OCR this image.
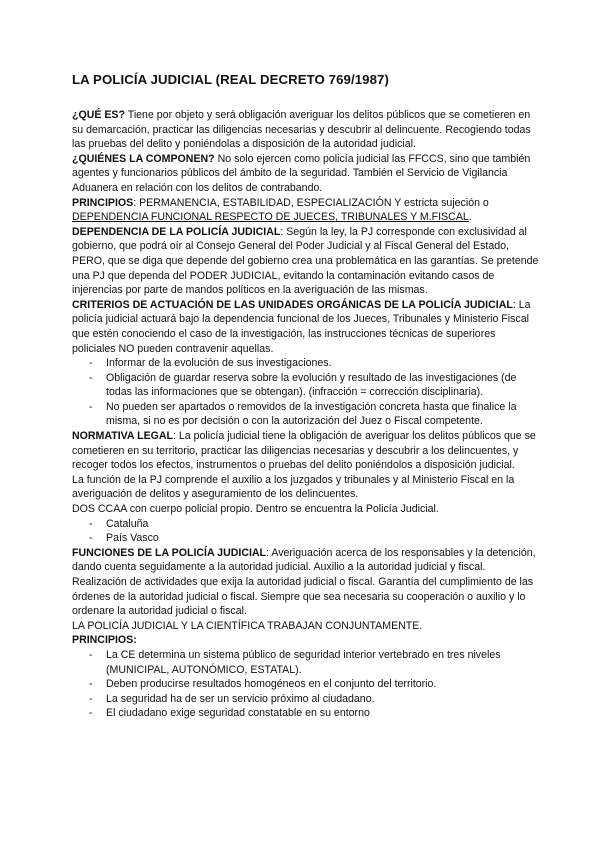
LA POLICÍA JUDICIAL (REAL DECRETO 769/1987)

¿QUÉ ES? Tiene por objeto y será obligación averiguar los delitos públicos que se cometieren en su demarcación, practicar las diligencias necesarias y descubrir al delincuente. Recogiendo todas las pruebas del delito y poniéndolas a disposición de la autoridad judicial.

¿QUIÉNES LA COMPONEN? No solo ejercen como policía judicial las FFCCS, sino que también agentes y funcionarios públicos del ámbito de la seguridad. También el Servicio de Vigilancia Aduanera en relación con los delitos de contrabando.

PRINCIPIOS: PERMANENCIA, ESTABILIDAD, ESPECIALIZACIÓN Y estricta sujeción o DEPENDENCIA FUNCIONAL RESPECTO DE JUECES, TRIBUNALES Y M.FISCAL.

DEPENDENCIA DE LA POLICÍA JUDICIAL: Según la ley, la PJ corresponde con exclusividad al gobierno, que podrá oír al Consejo General del Poder Judicial y al Fiscal General del Estado, PERO, que se diga que depende del gobierno crea una problemática en las garantías. Se pretende una PJ que dependa del PODER JUDICIAL, evitando la contaminación evitando casos de injerencias por parte de mandos políticos en la averiguación de las mismas.

CRITERIOS DE ACTUACIÓN DE LAS UNIDADES ORGÁNICAS DE LA POLICÍA JUDICIAL: La policía judicial actuará bajo la dependencia funcional de los Jueces, Tribunales y Ministerio Fiscal que estén conociendo el caso de la investigación, las instrucciones técnicas de superiores policiales NO pueden contravenir aquellas.

- Informar de la evolución de sus investigaciones.
- Obligación de guardar reserva sobre la evolución y resultado de las investigaciones (de todas las informaciones que se obtengan). (infracción = corrección disciplinaria).
- No pueden ser apartados o removidos de la investigación concreta hasta que finalice la misma, si no es por decisión o con la autorización del Juez o Fiscal competente.

NORMATIVA LEGAL: La policía judicial tiene la obligación de averiguar los delitos públicos que se cometieren en su territorio, practicar las diligencias necesarias y descubrir a los delincuentes, y recoger todos los efectos, instrumentos o pruebas del delito poniéndolos a disposición judicial.

La función de la PJ comprende el auxilio a los juzgados y tribunales y al Ministerio Fiscal en la averiguación de delitos y aseguramiento de los delincuentes.

DOS CCAA con cuerpo policial propio. Dentro se encuentra la Policía Judicial.

- Cataluña
- País Vasco

FUNCIONES DE LA POLICÍA JUDICIAL: Averiguación acerca de los responsables y la detención, dando cuenta seguidamente a la autoridad judicial. Auxilio a la autoridad judicial y fiscal. Realización de actividades que exija la autoridad judicial o fiscal. Garantía del cumplimiento de las órdenes de la autoridad judicial o fiscal. Siempre que sea necesaria su cooperación o auxilio y lo ordenare la autoridad judicial o fiscal.

LA POLICÍA JUDICIAL Y LA CIENTÍFICA TRABAJAN CONJUNTAMENTE.

PRINCIPIOS:

- La CE determina un sistema público de seguridad interior vertebrado en tres niveles (MUNICIPAL, AUTONÓMICO, ESTATAL).
- Deben producirse resultados homogéneos en el conjunto del territorio.
- La seguridad ha de ser un servicio próximo al ciudadano.
- El ciudadano exige seguridad constatable en su entorno
